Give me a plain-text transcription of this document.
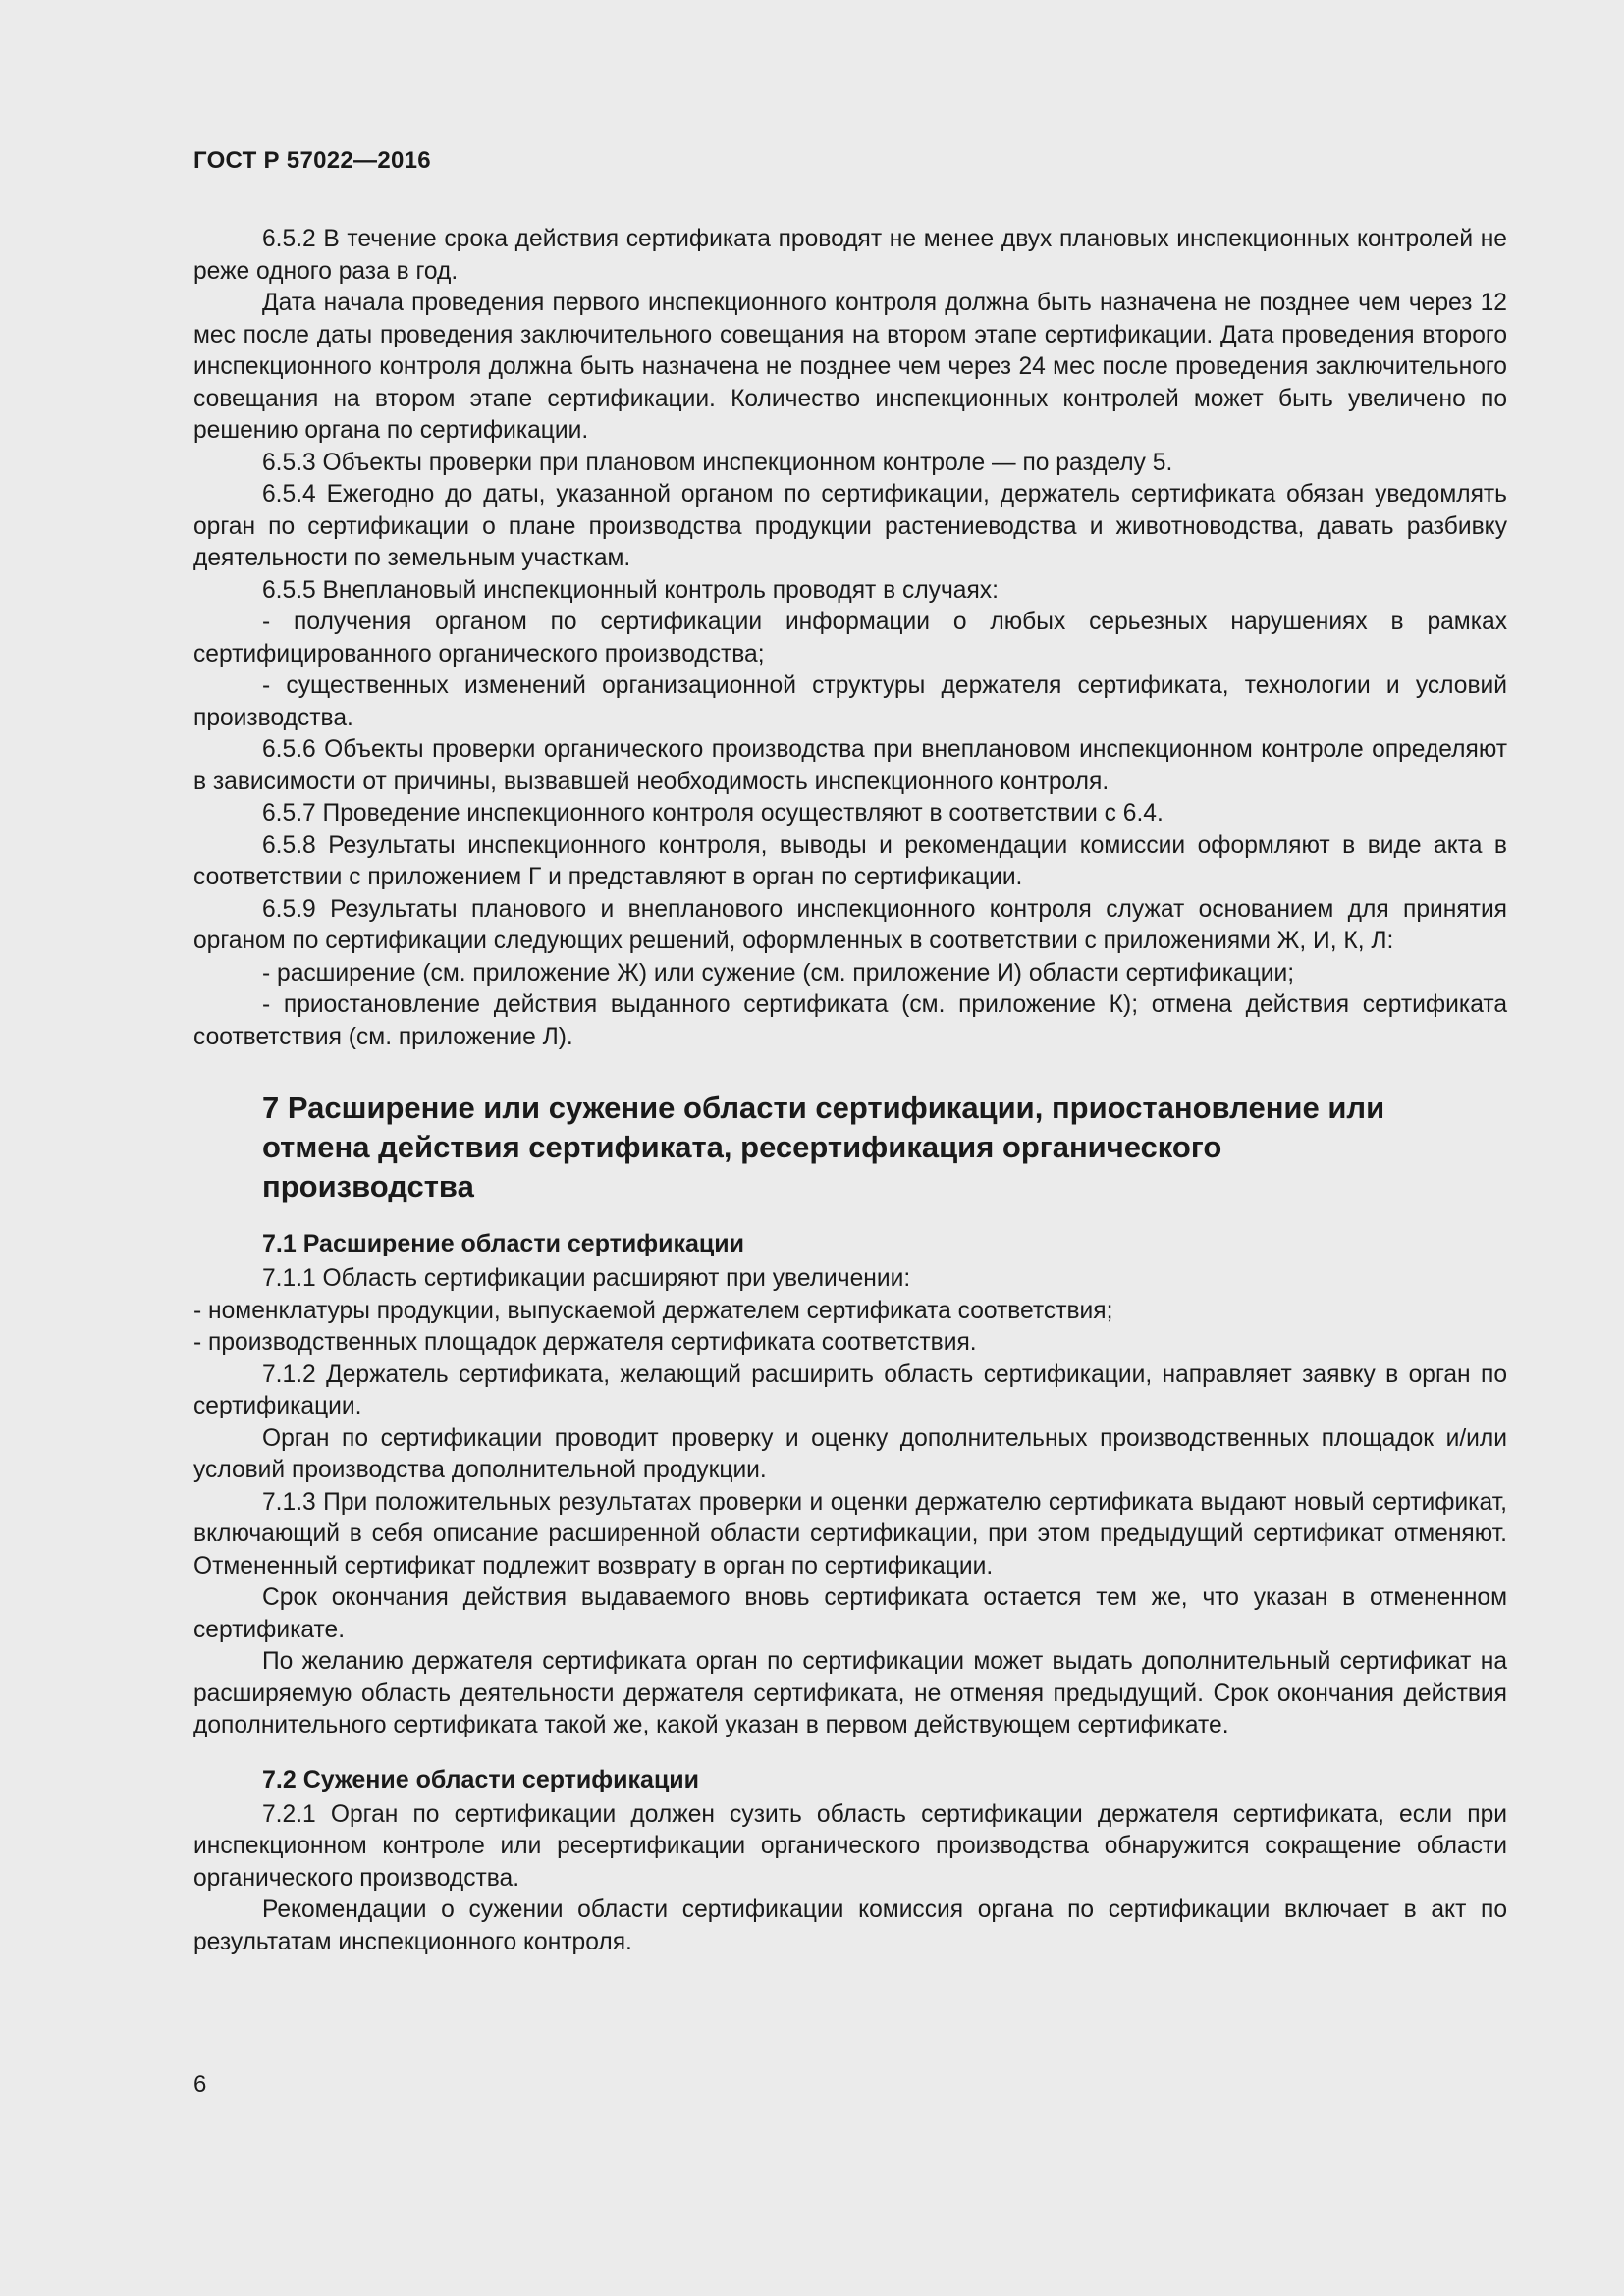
ГОСТ Р 57022—2016

6.5.2 В течение срока действия сертификата проводят не менее двух плановых инспекционных контролей не реже одного раза в год.

Дата начала проведения первого инспекционного контроля должна быть назначена не позднее чем через 12 мес после даты проведения заключительного совещания на втором этапе сертификации. Дата проведения второго инспекционного контроля должна быть назначена не позднее чем через 24 мес после проведения заключительного совещания на втором этапе сертификации. Количество инспекционных контролей может быть увеличено по решению органа по сертификации.

6.5.3 Объекты проверки при плановом инспекционном контроле — по разделу 5.

6.5.4 Ежегодно до даты, указанной органом по сертификации, держатель сертификата обязан уведомлять орган по сертификации о плане производства продукции растениеводства и животноводства, давать разбивку деятельности по земельным участкам.

6.5.5 Внеплановый инспекционный контроль проводят в случаях:

- получения органом по сертификации информации о любых серьезных нарушениях в рамках сертифицированного органического производства;

- существенных изменений организационной структуры держателя сертификата, технологии и условий производства.

6.5.6 Объекты проверки органического производства при внеплановом инспекционном контроле определяют в зависимости от причины, вызвавшей необходимость инспекционного контроля.

6.5.7 Проведение инспекционного контроля осуществляют в соответствии с 6.4.

6.5.8 Результаты инспекционного контроля, выводы и рекомендации комиссии оформляют в виде акта в соответствии с приложением Г и представляют в орган по сертификации.

6.5.9 Результаты планового и внепланового инспекционного контроля служат основанием для принятия органом по сертификации следующих решений, оформленных в соответствии с приложениями Ж, И, К, Л:

- расширение (см. приложение Ж) или сужение (см. приложение И) области сертификации;

- приостановление действия выданного сертификата (см. приложение К); отмена действия сертификата соответствия (см. приложение Л).

7 Расширение или сужение области сертификации, приостановление или отмена действия сертификата, ресертификация органического производства
7.1 Расширение области сертификации

7.1.1 Область сертификации расширяют при увеличении:

- номенклатуры продукции, выпускаемой держателем сертификата соответствия;

- производственных площадок держателя сертификата соответствия.

7.1.2 Держатель сертификата, желающий расширить область сертификации, направляет заявку в орган по сертификации.

Орган по сертификации проводит проверку и оценку дополнительных производственных площадок и/или условий производства дополнительной продукции.

7.1.3 При положительных результатах проверки и оценки держателю сертификата выдают новый сертификат, включающий в себя описание расширенной области сертификации, при этом предыдущий сертификат отменяют. Отмененный сертификат подлежит возврату в орган по сертификации.

Срок окончания действия выдаваемого вновь сертификата остается тем же, что указан в отмененном сертификате.

По желанию держателя сертификата орган по сертификации может выдать дополнительный сертификат на расширяемую область деятельности держателя сертификата, не отменяя предыдущий. Срок окончания действия дополнительного сертификата такой же, какой указан в первом действующем сертификате.

7.2 Сужение области сертификации

7.2.1 Орган по сертификации должен сузить область сертификации держателя сертификата, если при инспекционном контроле или ресертификации органического производства обнаружится сокращение области органического производства.

Рекомендации о сужении области сертификации комиссия органа по сертификации включает в акт по результатам инспекционного контроля.

6
